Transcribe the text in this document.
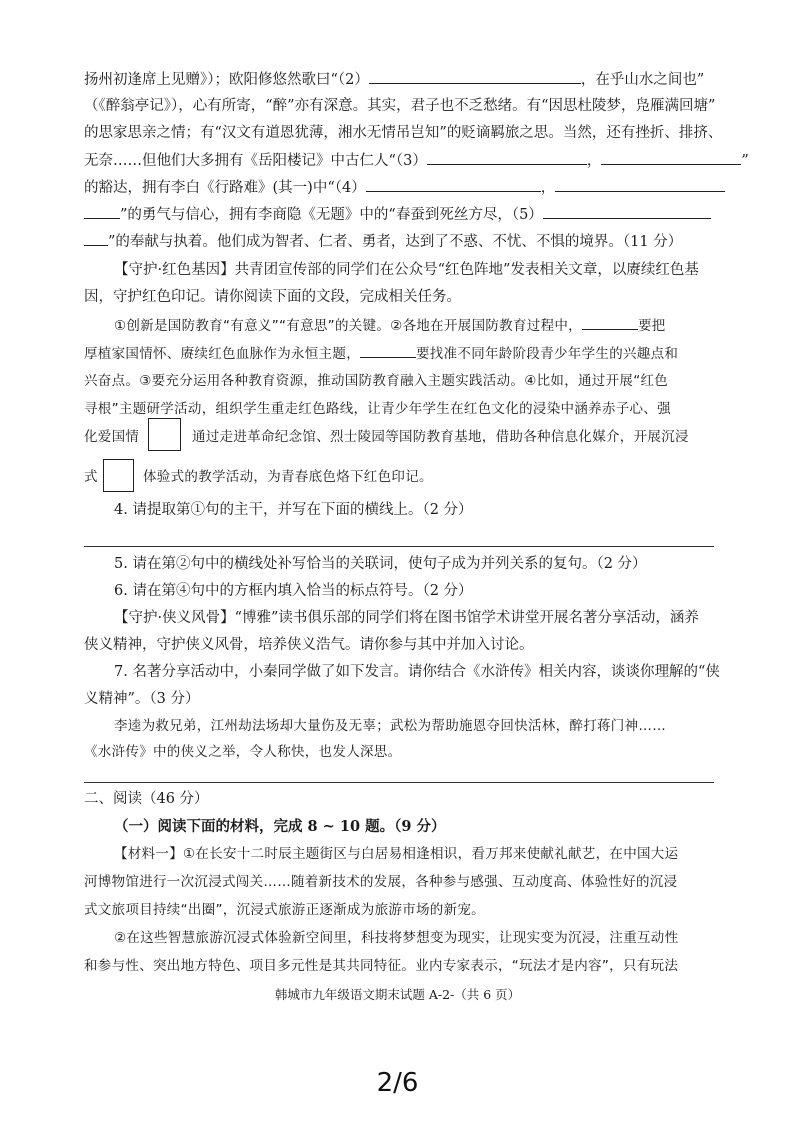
扬州初逢席上见赠》）；欧阳修悠然歌曰“（2）	，在乎山水之间也”
（《醉翁亭记》），心有所寄，“醉”亦有深意。其实，君子也不乏愁绪。有“因思杜陵梦，凫雁满回塘”
的思家思亲之情；有“汉文有道恩犹薄，湘水无情吊岂知”的贬谪羁旅之思。当然，还有挫折、排挤、
无奈……但他们大多拥有《岳阳楼记》中古仁人“（3）	，	”
的豁达，拥有李白《行路难》(其一)中“（4）	，
”的勇气与信心，拥有李商隐《无题》中的“春蚕到死丝方尽，（5）
”的奉献与执着。他们成为智者、仁者、勇者，达到了不惑、不忧、不惧的境界。（11 分）
【守护·红色基因】共青团宣传部的同学们在公众号“红色阵地”发表相关文章，以赓续红色基
因，守护红色印记。请你阅读下面的文段，完成相关任务。
①创新是国防教育“有意义”“有意思”的关键。②各地在开展国防教育过程中，	要把
厚植家国情怀、赓续红色血脉作为永恒主题，	要找准不同年龄阶段青少年学生的兴趣点和
兴奋点。③要充分运用各种教育资源，推动国防教育融入主题实践活动。④比如，通过开展“红色
寻根”主题研学活动，组织学生重走红色路线，让青少年学生在红色文化的浸染中涵养赤子心、强
化爱国情	通过走进革命纪念馆、烈士陵园等国防教育基地，借助各种信息化媒介，开展沉浸
式	体验式的教学活动，为青春底色烙下红色印记。
4. 请提取第①句的主干，并写在下面的横线上。（2 分）
5. 请在第②句中的横线处补写恰当的关联词，使句子成为并列关系的复句。（2 分）
6. 请在第④句中的方框内填入恰当的标点符号。（2 分）
【守护·侠义风骨】“博雅”读书俱乐部的同学们将在图书馆学术讲堂开展名著分享活动，涵养
侠义精神，守护侠义风骨，培养侠义浩气。请你参与其中并加入讨论。
7. 名著分享活动中，小秦同学做了如下发言。请你结合《水浒传》相关内容，谈谈你理解的“侠
义精神”。（3 分）
李逵为救兄弟，江州劫法场却大量伤及无辜；武松为帮助施恩夺回快活林，醉打蒋门神……
《水浒传》中的侠义之举，令人称快，也发人深思。
二、阅读（46 分）
（一）阅读下面的材料，完成 8 ~ 10 题。（9 分）
【材料一】①在长安十二时辰主题街区与白居易相逢相识，看万邦来使献礼献艺，在中国大运
河博物馆进行一次沉浸式闯关……随着新技术的发展，各种参与感强、互动度高、体验性好的沉浸
式文旅项目持续“出圈”，沉浸式旅游正逐渐成为旅游市场的新宠。
②在这些智慧旅游沉浸式体验新空间里，科技将梦想变为现实，让现实变为沉浸，注重互动性
和参与性、突出地方特色、项目多元性是其共同特征。业内专家表示，“玩法才是内容”，只有玩法
韩城市九年级语文期末试题 A-2-（共 6 页）
2/6
